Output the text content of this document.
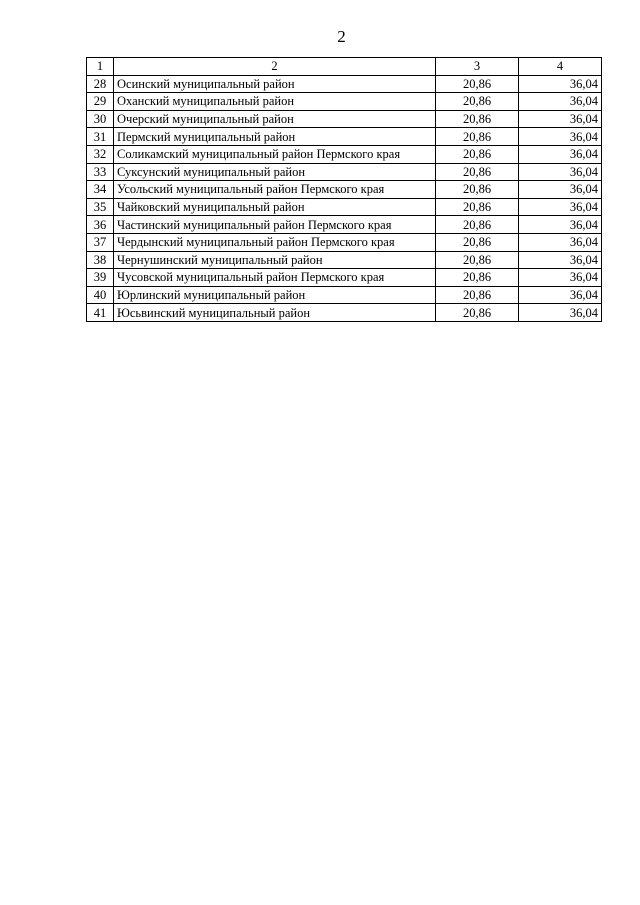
2
1	2	3	4
28	Осинский муниципальный район	20,86	36,04
29	Оханский муниципальный район	20,86	36,04
30	Очерский муниципальный район	20,86	36,04
31	Пермский муниципальный район	20,86	36,04
32	Соликамский муниципальный район Пермского края	20,86	36,04
33	Суксунский муниципальный район	20,86	36,04
34	Усольский муниципальный район Пермского края	20,86	36,04
35	Чайковский муниципальный район	20,86	36,04
36	Частинский муниципальный район Пермского края	20,86	36,04
37	Чердынский муниципальный район Пермского края	20,86	36,04
38	Чернушинский муниципальный район	20,86	36,04
39	Чусовской муниципальный район Пермского края	20,86	36,04
40	Юрлинский муниципальный район	20,86	36,04
41	Юсьвинский муниципальный район	20,86	36,04
